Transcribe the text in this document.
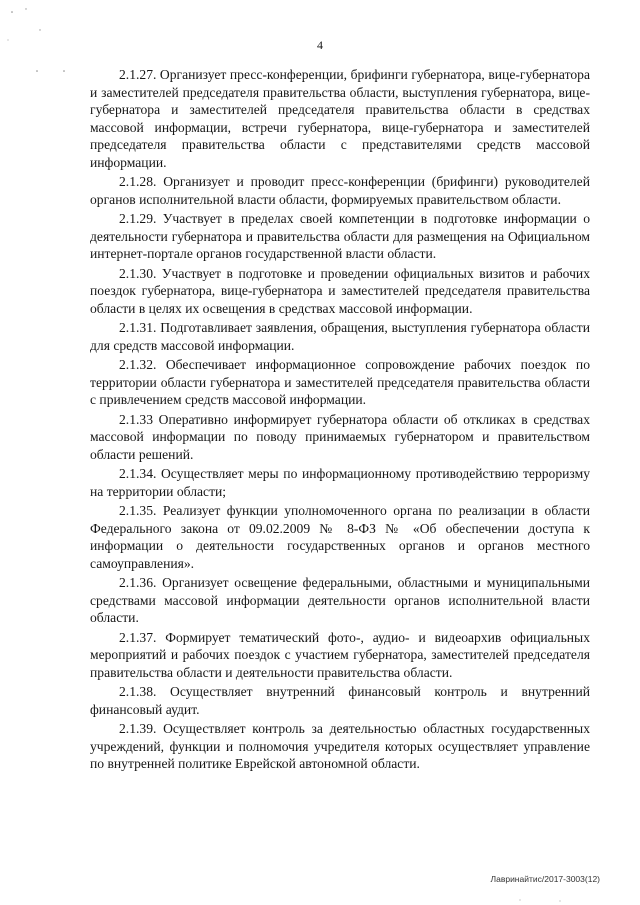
4

2.1.27. Организует пресс-конференции, брифинги губернатора, вице-губернатора и заместителей председателя правительства области, выступления губернатора, вице-губернатора и заместителей председателя правительства области в средствах массовой информации, встречи губернатора, вице-губернатора и заместителей председателя правительства области с представителями средств массовой информации.

2.1.28. Организует и проводит пресс-конференции (брифинги) руководителей органов исполнительной власти области, формируемых правительством области.

2.1.29. Участвует в пределах своей компетенции в подготовке информации о деятельности губернатора и правительства области для размещения на Официальном интернет-портале органов государственной власти области.

2.1.30. Участвует в подготовке и проведении официальных визитов и рабочих поездок губернатора, вице-губернатора и заместителей председателя правительства области в целях их освещения в средствах массовой информации.

2.1.31. Подготавливает заявления, обращения, выступления губернатора области для средств массовой информации.

2.1.32. Обеспечивает информационное сопровождение рабочих поездок по территории области губернатора и заместителей председателя правительства области с привлечением средств массовой информации.

2.1.33 Оперативно информирует губернатора области об откликах в средствах массовой информации по поводу принимаемых губернатором и правительством области решений.

2.1.34. Осуществляет меры по информационному противодействию терроризму на территории области;

2.1.35. Реализует функции уполномоченного органа по реализации в области Федерального закона от 09.02.2009 № 8-ФЗ № «Об обеспечении доступа к информации о деятельности государственных органов и органов местного самоуправления».

2.1.36. Организует освещение федеральными, областными и муниципальными средствами массовой информации деятельности органов исполнительной власти области.

2.1.37. Формирует тематический фото-, аудио- и видеоархив официальных мероприятий и рабочих поездок с участием губернатора, заместителей председателя правительства области и деятельности правительства области.

2.1.38. Осуществляет внутренний финансовый контроль и внутренний финансовый аудит.

2.1.39. Осуществляет контроль за деятельностью областных государственных учреждений, функции и полномочия учредителя которых осуществляет управление по внутренней политике Еврейской автономной области.

Лавринайтис/2017-3003(12)
